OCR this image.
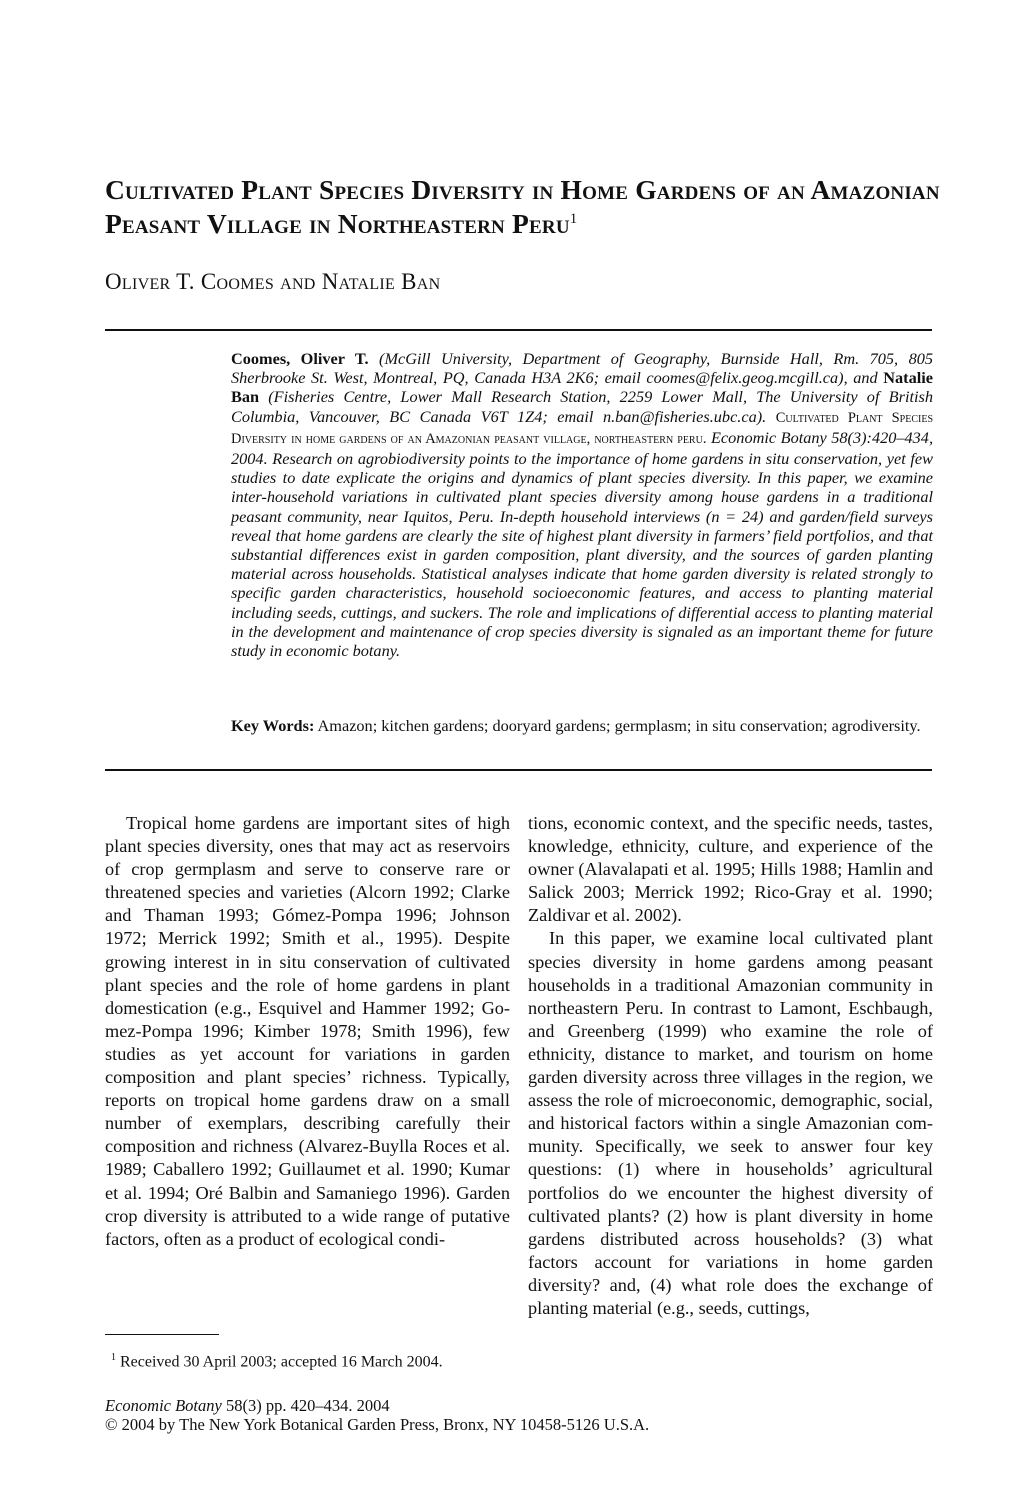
Cultivated Plant Species Diversity in Home Gardens of an Amazonian Peasant Village in Northeastern Peru$^1$

Oliver T. Coomes and Natalie Ban

Coomes, Oliver T. (McGill University, Department of Geography, Burnside Hall, Rm. 705, 805 Sherbrooke St. West, Montreal, PQ, Canada H3A 2K6; email coomes@felix.geog.mcgill.ca), and Natalie Ban (Fisheries Centre, Lower Mall Research Station, 2259 Lower Mall, The University of British Columbia, Vancouver, BC Canada V6T 1Z4; email n.ban@fisheries.ubc.ca). Cultivated Plant Species Diversity in home gardens of an Amazonian peasant village, northeastern peru. Economic Botany 58(3):420–434, 2004. Research on agrobiodiversity points to the importance of home gardens in situ conservation, yet few studies to date explicate the origins and dynamics of plant species diversity. In this paper, we examine inter-household variations in cultivated plant species diversity among house gardens in a traditional peasant community, near Iquitos, Peru. In-depth household interviews (n = 24) and garden/field surveys reveal that home gardens are clearly the site of highest plant diversity in farmers’ field portfolios, and that substantial differences exist in garden composition, plant diversity, and the sources of garden planting material across households. Statistical analyses indicate that home garden diversity is related strongly to specific garden characteristics, household socioeconomic features, and access to planting material including seeds, cuttings, and suckers. The role and implications of differential access to planting material in the development and maintenance of crop species diversity is signaled as an important theme for future study in economic botany.

Key Words: Amazon; kitchen gardens; dooryard gardens; germplasm; in situ conservation; agrodiversity.

Tropical home gardens are important sites of high plant species diversity, ones that may act as reservoirs of crop germplasm and serve to conserve rare or threatened species and varieties (Alcorn 1992; Clarke and Thaman 1993; Gómez-Pompa 1996; Johnson 1972; Merrick 1992; Smith et al., 1995). Despite growing interest in in situ conservation of cultivated plant species and the role of home gardens in plant domestication (e.g., Esquivel and Hammer 1992; Gomez-Pompa 1996; Kimber 1978; Smith 1996), few studies as yet account for variations in garden composition and plant species’ richness. Typically, reports on tropical home gardens draw on a small number of exemplars, describing carefully their composition and richness (Alvarez-Buylla Roces et al. 1989; Caballero 1992; Guillaumet et al. 1990; Kumar et al. 1994; Oré Balbin and Samaniego 1996). Garden crop diversity is attributed to a wide range of putative factors, often as a product of ecological condi-

tions, economic context, and the specific needs, tastes, knowledge, ethnicity, culture, and experience of the owner (Alavalapati et al. 1995; Hills 1988; Hamlin and Salick 2003; Merrick 1992; Rico-Gray et al. 1990; Zaldivar et al. 2002).

In this paper, we examine local cultivated plant species diversity in home gardens among peasant households in a traditional Amazonian community in northeastern Peru. In contrast to Lamont, Eschbaugh, and Greenberg (1999) who examine the role of ethnicity, distance to market, and tourism on home garden diversity across three villages in the region, we assess the role of microeconomic, demographic, social, and historical factors within a single Amazonian community. Specifically, we seek to answer four key questions: (1) where in households’ agricultural portfolios do we encounter the highest diversity of cultivated plants? (2) how is plant diversity in home gardens distributed across households? (3) what factors account for variations in home garden diversity? and, (4) what role does the exchange of planting material (e.g., seeds, cuttings,

$^1$ Received 30 April 2003; accepted 16 March 2004.

Economic Botany 58(3) pp. 420–434. 2004
© 2004 by The New York Botanical Garden Press, Bronx, NY 10458-5126 U.S.A.
